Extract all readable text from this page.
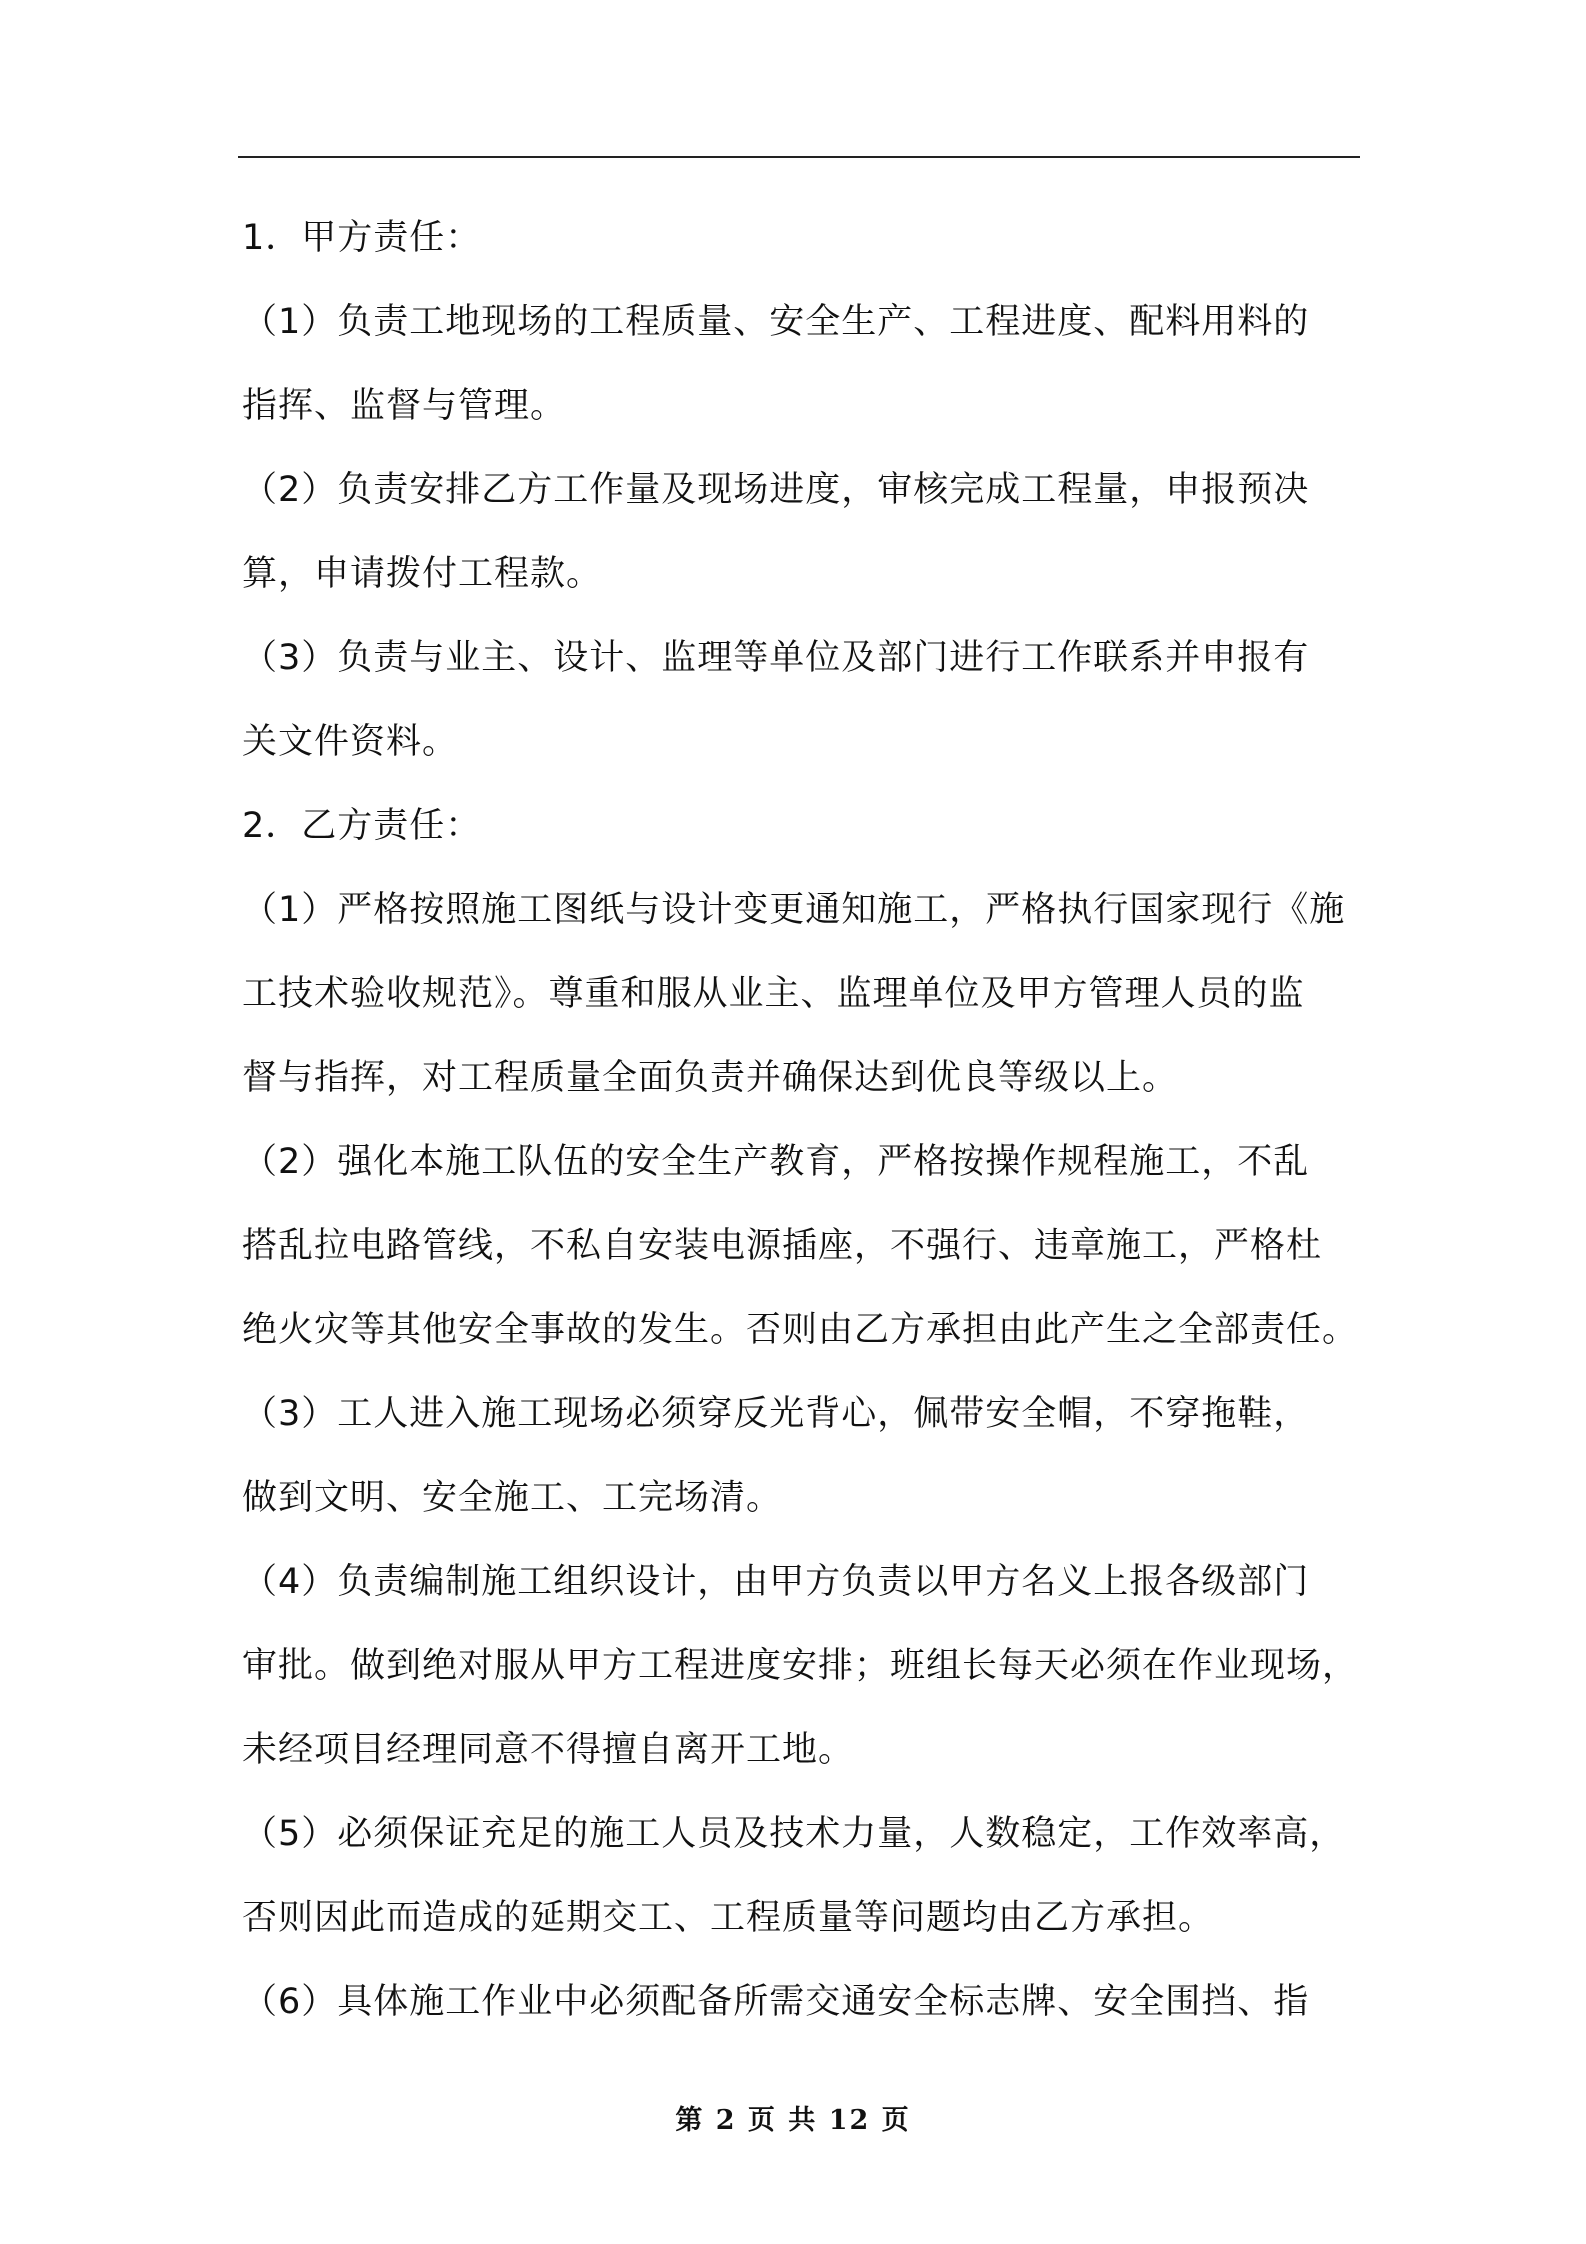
1．甲方责任：
（1）负责工地现场的工程质量、安全生产、工程进度、配料用料的
指挥、监督与管理。
（2）负责安排乙方工作量及现场进度，审核完成工程量，申报预决
算，申请拨付工程款。
（3）负责与业主、设计、监理等单位及部门进行工作联系并申报有
关文件资料。
2．乙方责任：
（1）严格按照施工图纸与设计变更通知施工，严格执行国家现行《施
工技术验收规范》。尊重和服从业主、监理单位及甲方管理人员的监
督与指挥，对工程质量全面负责并确保达到优良等级以上。
（2）强化本施工队伍的安全生产教育，严格按操作规程施工，不乱
搭乱拉电路管线，不私自安装电源插座，不强行、违章施工，严格杜
绝火灾等其他安全事故的发生。否则由乙方承担由此产生之全部责任。
（3）工人进入施工现场必须穿反光背心，佩带安全帽，不穿拖鞋，
做到文明、安全施工、工完场清。
（4）负责编制施工组织设计，由甲方负责以甲方名义上报各级部门
审批。做到绝对服从甲方工程进度安排；班组长每天必须在作业现场，
未经项目经理同意不得擅自离开工地。
（5）必须保证充足的施工人员及技术力量，人数稳定，工作效率高，
否则因此而造成的延期交工、工程质量等问题均由乙方承担。
（6）具体施工作业中必须配备所需交通安全标志牌、安全围挡、指
第 2 页 共 12 页
